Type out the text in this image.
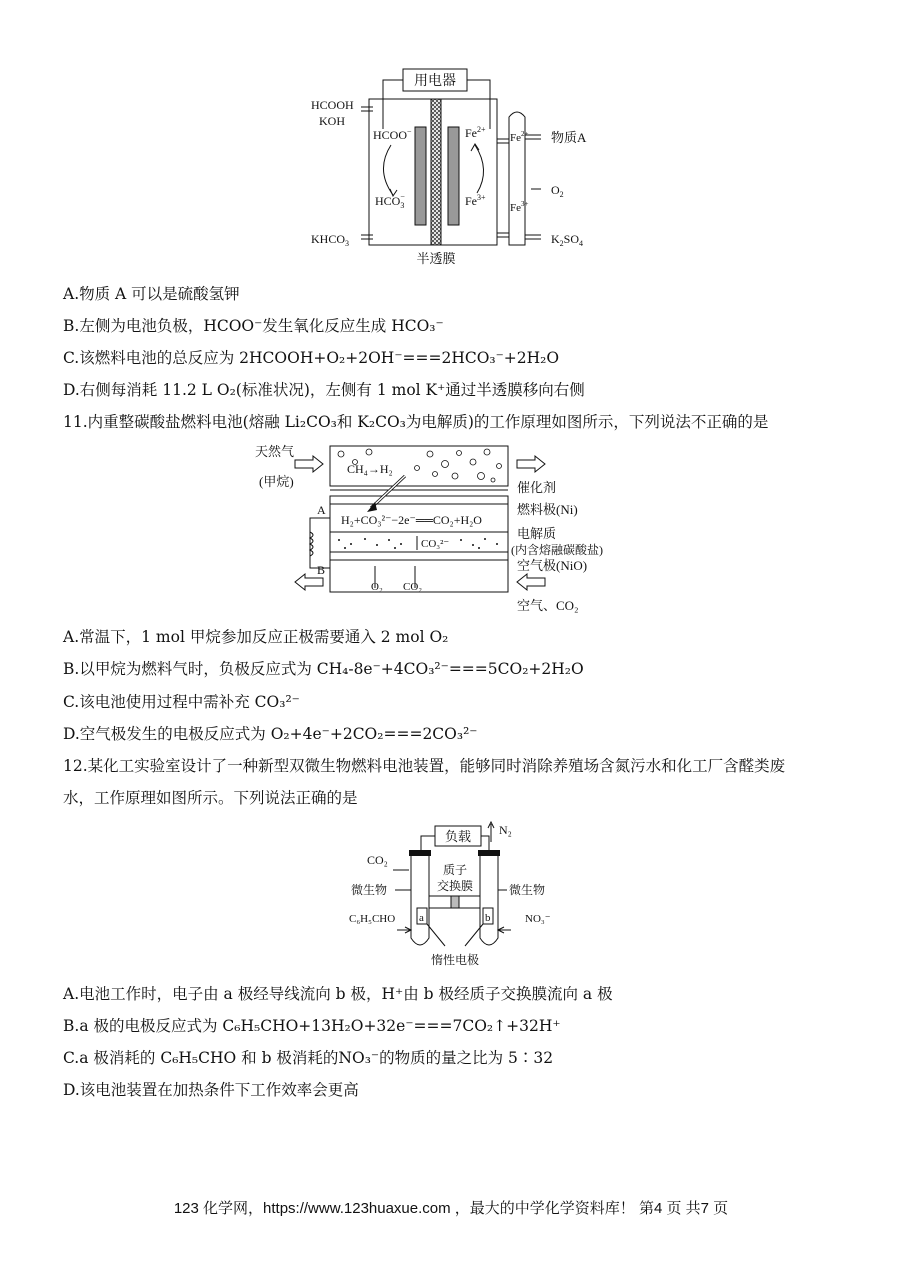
用电器
HCOOH
KOH
HCOO−
$HCO_3-$
$Fe^{2+}$
$Fe^{3+}$
$KHCO_3$
$Fe^{2+}$
$Fe^{3+}$
物质A
$O_2$
$K_2SO_4$
半透膜
A.物质 A 可以是硫酸氢钾
B.左侧为电池负极，HCOO⁻发生氧化反应生成 HCO₃⁻
C.该燃料电池的总反应为 2HCOOH+O₂+2OH⁻===2HCO₃⁻+2H₂O
D.右侧每消耗 11.2 L O₂(标准状况)，左侧有 1 mol K⁺通过半透膜移向右侧
11.内重整碳酸盐燃料电池(熔融 Li₂CO₃和 K₂CO₃为电解质)的工作原理如图所示，下列说法不正确的是
CH₄→H₂
天然气
(甲烷)	催化剂
燃料极(Ni)
H₂+CO₃²⁻−2e⁻══CO₂+H₂O
CO₃²⁻
电解质
(内含熔融碳酸盐)
空气极(NiO)
O₂ CO₂
空气、CO₂
A
B
A.常温下，1 mol 甲烷参加反应正极需要通入 2 mol O₂
B.以甲烷为燃料气时，负极反应式为 CH₄-8e⁻+4CO₃²⁻===5CO₂+2H₂O
C.该电池使用过程中需补充 CO₃²⁻
D.空气极发生的电极反应式为 O₂+4e⁻+2CO₂===2CO₃²⁻
12.某化工实验室设计了一种新型双微生物燃料电池装置，能够同时消除养殖场含氮污水和化工厂含醛类废
水，工作原理如图所示。下列说法正确的是
负载 N₂
a	b
CO₂
质子
交换膜
微生物	微生物
C₆H₅CHO	NO₃⁻
惰性电极
A.电池工作时，电子由 a 极经导线流向 b 极，H⁺由 b 极经质子交换膜流向 a 极
B.a 极的电极反应式为 C₆H₅CHO+13H₂O+32e⁻===7CO₂↑+32H⁺
C.a 极消耗的 C₆H₅CHO 和 b 极消耗的NO₃⁻的物质的量之比为 5∶32
D.该电池装置在加热条件下工作效率会更高
123 化学网，https://www.123huaxue.com ，最大的中学化学资料库！ 第4 页 共7 页
